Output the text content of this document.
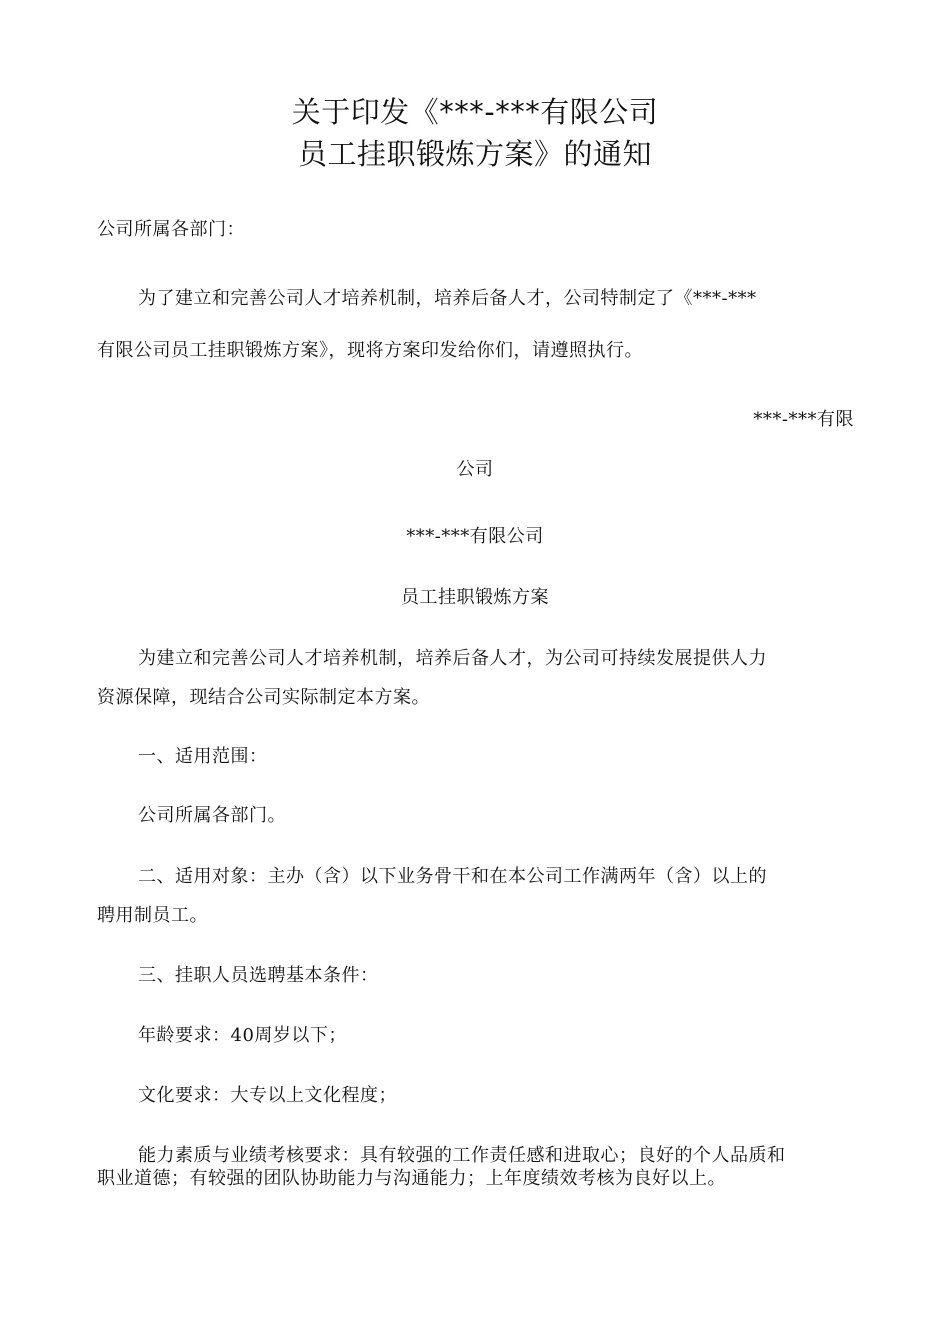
关于印发《***-***有限公司
员工挂职锻炼方案》的通知
公司所属各部门：
为了建立和完善公司人才培养机制，培养后备人才，公司特制定了《***-***
有限公司员工挂职锻炼方案》，现将方案印发给你们，请遵照执行。
***-***有限
公司
***-***有限公司
员工挂职锻炼方案
为建立和完善公司人才培养机制，培养后备人才，为公司可持续发展提供人力
资源保障，现结合公司实际制定本方案。
一、适用范围：
公司所属各部门。
二、适用对象：主办（含）以下业务骨干和在本公司工作满两年（含）以上的
聘用制员工。
三、挂职人员选聘基本条件：
年龄要求：40周岁以下；
文化要求：大专以上文化程度；
能力素质与业绩考核要求：具有较强的工作责任感和进取心；良好的个人品质和
职业道德；有较强的团队协助能力与沟通能力；上年度绩效考核为良好以上。
